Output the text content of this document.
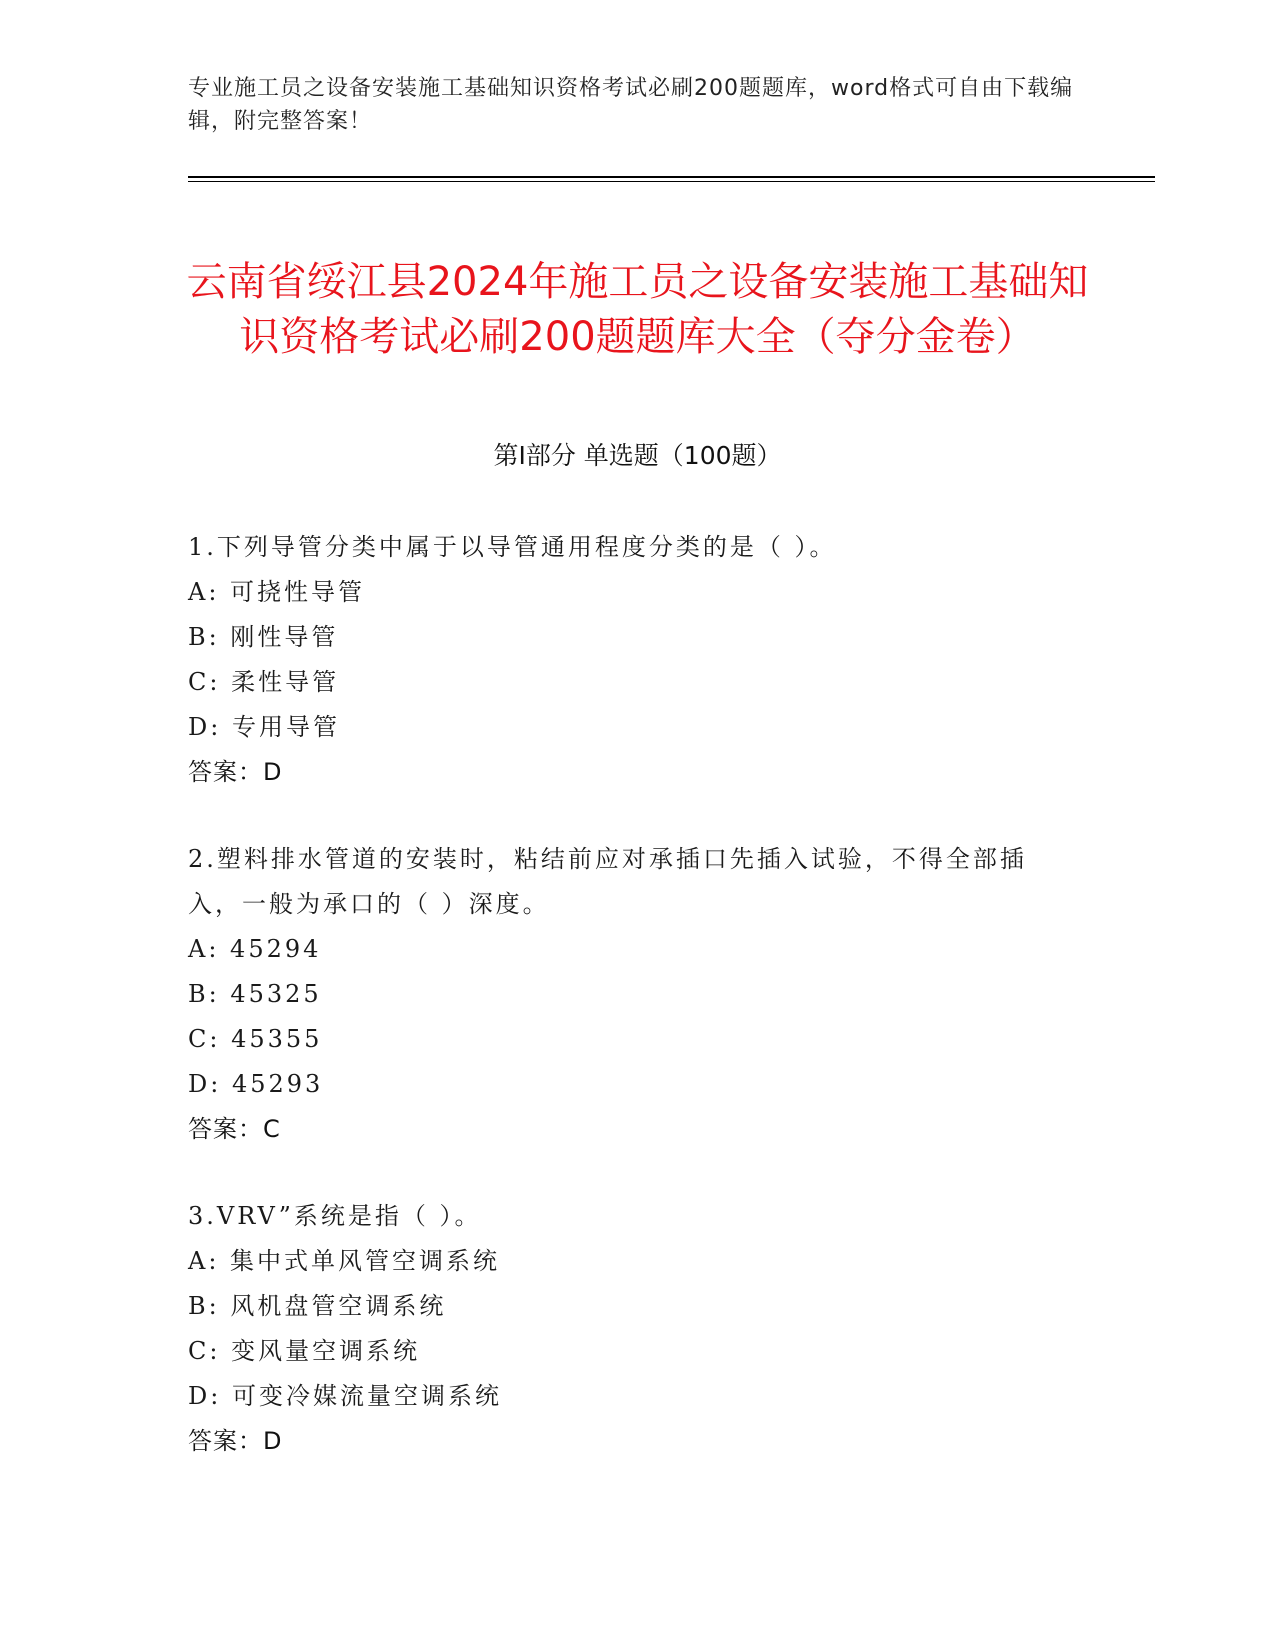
专业施工员之设备安装施工基础知识资格考试必刷200题题库，word格式可自由下载编辑，附完整答案！
云南省绥江县2024年施工员之设备安装施工基础知识资格考试必刷200题题库大全（夺分金卷）
第I部分 单选题（100题）
1.下列导管分类中属于以导管通用程度分类的是（ ）。
A: 可挠性导管
B: 刚性导管
C: 柔性导管
D: 专用导管
答案：D
2.塑料排水管道的安装时，粘结前应对承插口先插入试验，不得全部插入，一般为承口的（ ）深度。
A: 45294
B: 45325
C: 45355
D: 45293
答案：C
3.VRV”系统是指（ ）。
A: 集中式单风管空调系统
B: 风机盘管空调系统
C: 变风量空调系统
D: 可变冷媒流量空调系统
答案：D
